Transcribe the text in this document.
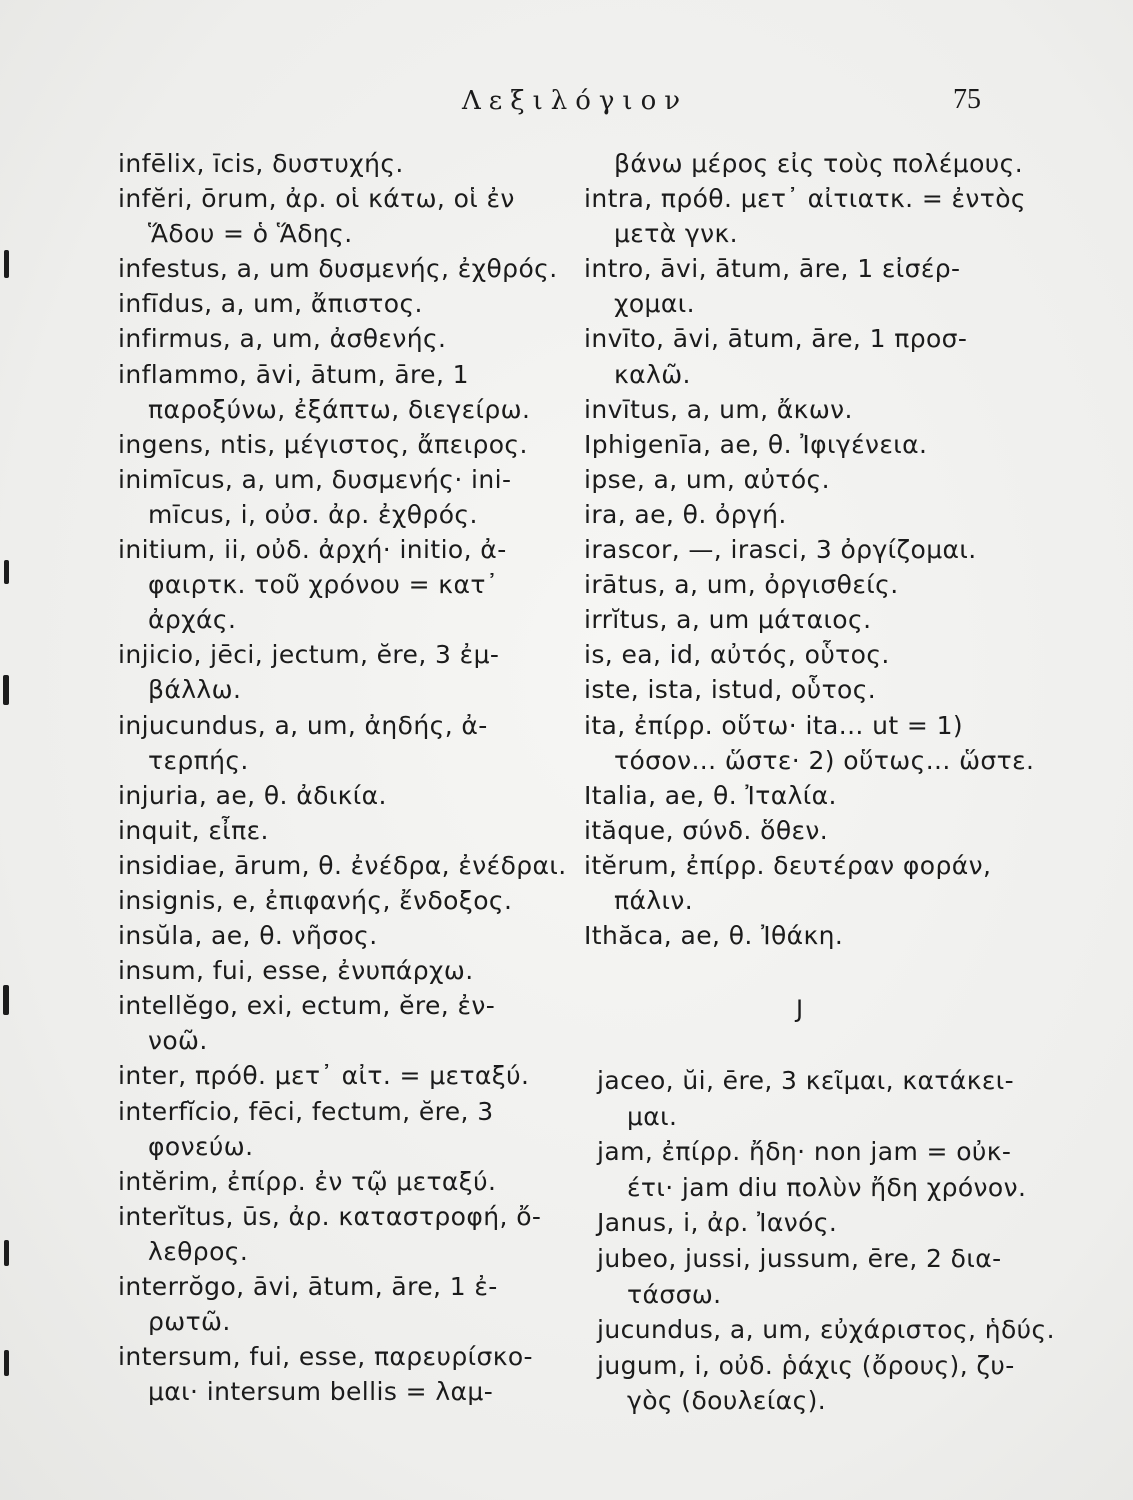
Λεξιλόγιον	75
infēlix, īcis, δυστυχής.
infĕri, ōrum, ἀρ. οἱ κάτω, οἱ ἐν
Ἅδου = ὁ Ἅδης.
infestus, a, um δυσμενής, ἐχθρός.
infīdus, a, um, ἄπιστος.
infirmus, a, um, ἀσθενής.
inflammo, āvi, ātum, āre, 1
παροξύνω, ἐξάπτω, διεγείρω.
ingens, ntis, μέγιστος, ἄπειρος.
inimīcus, a, um, δυσμενής· ini-
mīcus, i, οὐσ. ἀρ. ἐχθρός.
initium, ii, οὐδ. ἀρχή· initio, ἀ-
φαιρτκ. τοῦ χρόνου = κατ᾽
ἀρχάς.
injicio, jēci, jectum, ĕre, 3 ἐμ-
βάλλω.
injucundus, a, um, ἀηδής, ἀ-
τερπής.
injuria, ae, θ. ἀδικία.
inquit, εἶπε.
insidiae, ārum, θ. ἐνέδρα, ἐνέδραι.
insignis, e, ἐπιφανής, ἔνδοξος.
insŭla, ae, θ. νῆσος.
insum, fui, esse, ἐνυπάρχω.
intellĕgo, exi, ectum, ĕre, ἐν-
νοῶ.
inter, πρόθ. μετ᾽ αἰτ. = μεταξύ.
interfĭcio, fēci, fectum, ĕre, 3
φονεύω.
intĕrim, ἐπίρρ. ἐν τῷ μεταξύ.
interĭtus, ūs, ἀρ. καταστροφή, ὄ-
λεθρος.
interrŏgo, āvi, ātum, āre, 1 ἐ-
ρωτῶ.
intersum, fui, esse, παρευρίσκο-
μαι· intersum bellis = λαμ-
βάνω μέρος εἰς τοὺς πολέμους.
intra, πρόθ. μετ᾽ αἰτιατκ. = ἐντὸς
μετὰ γνκ.
intro, āvi, ātum, āre, 1 εἰσέρ-
χομαι.
invīto, āvi, ātum, āre, 1 προσ-
καλῶ.
invītus, a, um, ἄκων.
Iphigenīa, ae, θ. Ἰφιγένεια.
ipse, a, um, αὐτός.
ira, ae, θ. ὀργή.
irascor, —, irasci, 3 ὀργίζομαι.
irātus, a, um, ὀργισθείς.
irrĭtus, a, um μάταιος.
is, ea, id, αὐτός, οὗτος.
iste, ista, istud, οὗτος.
ita, ἐπίρρ. οὕτω· ita... ut = 1)
τόσον... ὥστε· 2) οὕτως... ὥστε.
Italia, ae, θ. Ἰταλία.
ităque, σύνδ. ὅθεν.
itĕrum, ἐπίρρ. δευτέραν φοράν,
πάλιν.
Ithăca, ae, θ. Ἰθάκη.
J
jaceo, ŭi, ēre, 3 κεῖμαι, κατάκει-
μαι.
jam, ἐπίρρ. ἤδη· non jam = οὐκ-
έτι· jam diu πολὺν ἤδη χρόνον.
Janus, i, ἀρ. Ἰανός.
jubeo, jussi, jussum, ēre, 2 δια-
τάσσω.
jucundus, a, um, εὐχάριστος, ἡδύς.
jugum, i, οὐδ. ῥάχις (ὄρους), ζυ-
γὸς (δουλείας).
